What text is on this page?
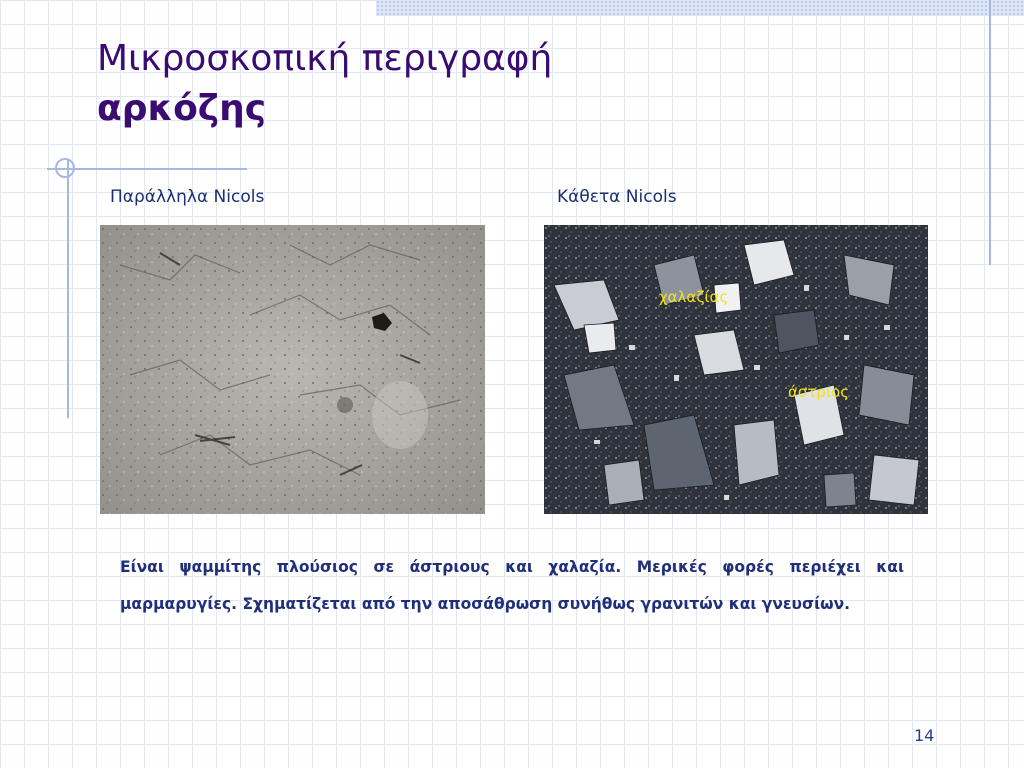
Μικροσκοπική περιγραφή
αρκόζης
Παράλληλα Nicols	Κάθετα Nicols
χαλαζίας
άστριος

Είναι ψαμμίτης πλούσιος σε άστριους και χαλαζία. Μερικές φορές περιέχει και μαρμαρυγίες. Σχηματίζεται από την αποσάθρωση συνήθως γρανιτών και γνευσίων.

14
